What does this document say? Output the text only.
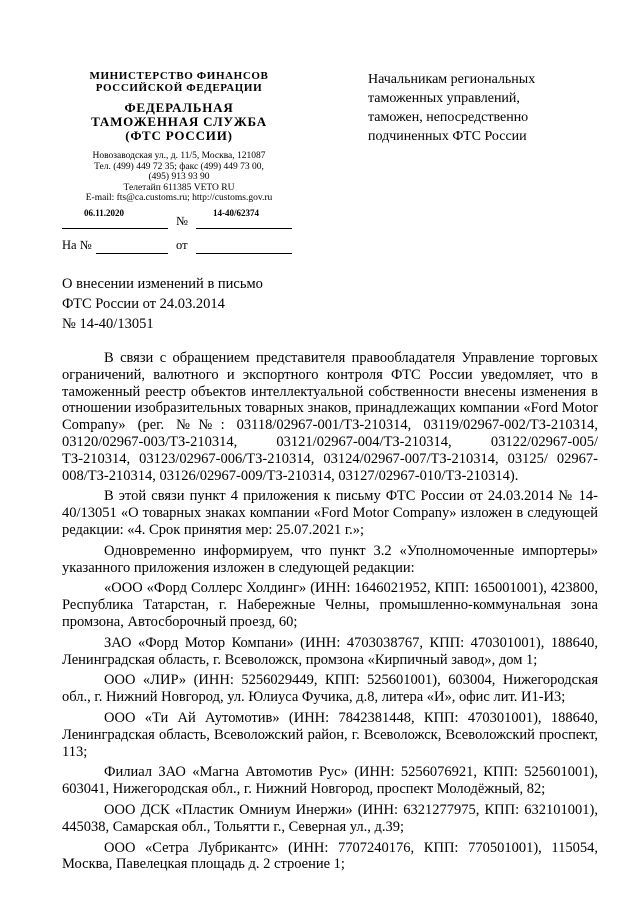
МИНИСТЕРСТВО ФИНАНСОВ
РОССИЙСКОЙ ФЕДЕРАЦИИ
ФЕДЕРАЛЬНАЯ
ТАМОЖЕННАЯ СЛУЖБА
(ФТС РОССИИ)
Новозаводская ул., д. 11/5, Москва, 121087
Тел. (499) 449 72 35; факс (499) 449 73 00,
(495) 913 93 90
Телетайп 611385 VETO RU
E-mail: fts@ca.customs.ru; http://customs.gov.ru
06.11.2020
№
14-40/62374
На №	от
Начальникам региональных
таможенных управлений,
таможен, непосредственно
подчиненных ФТС России
О внесении изменений в письмо
ФТС России от 24.03.2014
№ 14-40/13051

В связи с обращением представителя правообладателя Управление торговых ограничений, валютного и экспортного контроля ФТС России уведомляет, что в таможенный реестр объектов интеллектуальной собственности внесены изменения в отношении изобразительных товарных знаков, принадлежащих компании «Ford Motor Company» (рег. №№: 03118/02967-001/ТЗ-210314, 03119/02967-002/ТЗ-210314, 03120/02967-003/ТЗ-210314, 03121/02967-004/ТЗ-210314, 03122/02967-005/ ТЗ-210314, 03123/02967-006/ТЗ-210314, 03124/02967-007/ТЗ-210314, 03125/ 02967-008/ТЗ-210314, 03126/02967-009/ТЗ-210314, 03127/02967-010/ТЗ-210314).

В этой связи пункт 4 приложения к письму ФТС России от 24.03.2014 № 14-40/13051 «О товарных знаках компании «Ford Motor Company» изложен в следующей редакции: «4. Срок принятия мер: 25.07.2021 г.»;

Одновременно информируем, что пункт 3.2 «Уполномоченные импортеры» указанного приложения изложен в следующей редакции:

«ООО «Форд Соллерс Холдинг» (ИНН: 1646021952, КПП: 165001001), 423800, Республика Татарстан, г. Набережные Челны, промышленно-коммунальная зона промзона, Автосборочный проезд, 60;

ЗАО «Форд Мотор Компани» (ИНН: 4703038767, КПП: 470301001), 188640, Ленинградская область, г. Всеволожск, промзона «Кирпичный завод», дом 1;

ООО «ЛИР» (ИНН: 5256029449, КПП: 525601001), 603004, Нижегородская обл., г. Нижний Новгород, ул. Юлиуса Фучика, д.8, литера «И», офис лит. И1-И3;

ООО «Ти Ай Аутомотив» (ИНН: 7842381448, КПП: 470301001), 188640, Ленинградская область, Всеволожский район, г. Всеволожск, Всеволожский проспект, 113;

Филиал ЗАО «Магна Автомотив Рус» (ИНН: 5256076921, КПП: 525601001), 603041, Нижегородская обл., г. Нижний Новгород, проспект Молодёжный, 82;

ООО ДСК «Пластик Омниум Инержи» (ИНН: 6321277975, КПП: 632101001), 445038, Самарская обл., Тольятти г., Северная ул., д.39;

ООО «Сетра Лубрикантс» (ИНН: 7707240176, КПП: 770501001), 115054, Москва, Павелецкая площадь д. 2 строение 1;
